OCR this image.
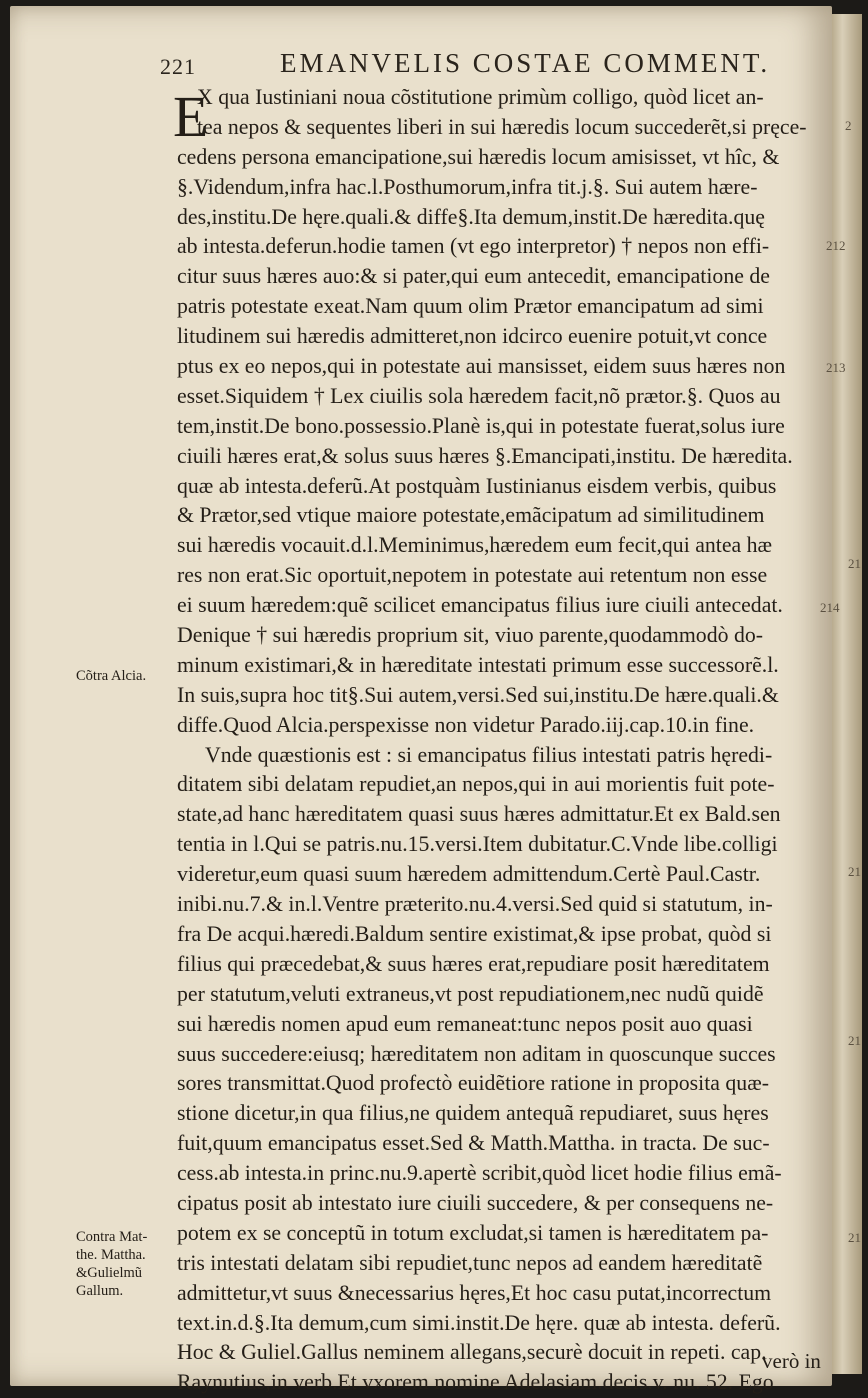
221	EMANVELIS COSTAE COMMENT.
E
X qua Iustiniani noua cõstitutione primùm colligo, quòd licet an-
tea nepos & sequentes liberi in sui hæredis locum succederẽt,si pręce-
cedens persona emancipatione,sui hæredis locum amisisset, vt hîc, &
§.Videndum,infra hac.l.Posthumorum,infra tit.j.§. Sui autem hære-
des,institu.De hęre.quali.& diffe§.Ita demum,instit.De hæredita.quę
ab intesta.deferun.hodie tamen (vt ego interpretor) † nepos non effi-
citur suus hæres auo:& si pater,qui eum antecedit, emancipatione de
patris potestate exeat.Nam quum olim Prætor emancipatum ad simi
litudinem sui hæredis admitteret,non idcirco euenire potuit,vt conce
ptus ex eo nepos,qui in potestate aui mansisset, eidem suus hæres non
esset.Siquidem † Lex ciuilis sola hæredem facit,nõ prætor.§. Quos au
tem,instit.De bono.possessio.Planè is,qui in potestate fuerat,solus iure
ciuili hæres erat,& solus suus hæres §.Emancipati,institu. De hæredita.
quæ ab intesta.deferũ.At postquàm Iustinianus eisdem verbis, quibus
& Prætor,sed vtique maiore potestate,emãcipatum ad similitudinem
sui hæredis vocauit.d.l.Meminimus,hæredem eum fecit,qui antea hæ
res non erat.Sic oportuit,nepotem in potestate aui retentum non esse
ei suum hæredem:quẽ scilicet emancipatus filius iure ciuili antecedat.
Denique † sui hæredis proprium sit, viuo parente,quodammodò do-
minum existimari,& in hæreditate intestati primum esse successorẽ.l.
In suis,supra hoc tit§.Sui autem,versi.Sed sui,institu.De hære.quali.&
diffe.Quod Alcia.perspexisse non videtur Parado.iij.cap.10.in fine.
Vnde quæstionis est : si emancipatus filius intestati patris hęredi-
ditatem sibi delatam repudiet,an nepos,qui in aui morientis fuit pote-
state,ad hanc hæreditatem quasi suus hæres admittatur.Et ex Bald.sen
tentia in l.Qui se patris.nu.15.versi.Item dubitatur.C.Vnde libe.colligi
videretur,eum quasi suum hæredem admittendum.Certè Paul.Castr.
inibi.nu.7.& in.l.Ventre præterito.nu.4.versi.Sed quid si statutum, in-
fra De acqui.hæredi.Baldum sentire existimat,& ipse probat, quòd si
filius qui præcedebat,& suus hæres erat,repudiare posit hæreditatem
per statutum,veluti extraneus,vt post repudiationem,nec nudũ quidẽ
sui hæredis nomen apud eum remaneat:tunc nepos posit auo quasi
suus succedere:eiusq; hæreditatem non aditam in quoscunque succes
sores transmittat.Quod profectò euidẽtiore ratione in proposita quæ-
stione dicetur,in qua filius,ne quidem antequã repudiaret, suus hęres
fuit,quum emancipatus esset.Sed & Matth.Mattha. in tracta. De suc-
cess.ab intesta.in princ.nu.9.apertè scribit,quòd licet hodie filius emã-
cipatus posit ab intestato iure ciuili succedere, & per consequens ne-
potem ex se conceptũ in totum excludat,si tamen is hæreditatem pa-
tris intestati delatam sibi repudiet,tunc nepos ad eandem hæreditatẽ
admittetur,vt suus &necessarius hęres,Et hoc casu putat,incorrectum
text.in.d.§.Ita demum,cum simi.instit.De hęre. quæ ab intesta. deferũ.
Hoc & Guliel.Gallus neminem allegans,securè docuit in repeti. cap.
Raynutius,in verb.Et vxorem nomine Adelasiam.decis.v. nu. 52. Ego
verò in
Cõtra Alcia.
Contra Mat-
the. Mattha.
&Gulielmũ
Gallum.
2
212
213
21
214
21
21
21
